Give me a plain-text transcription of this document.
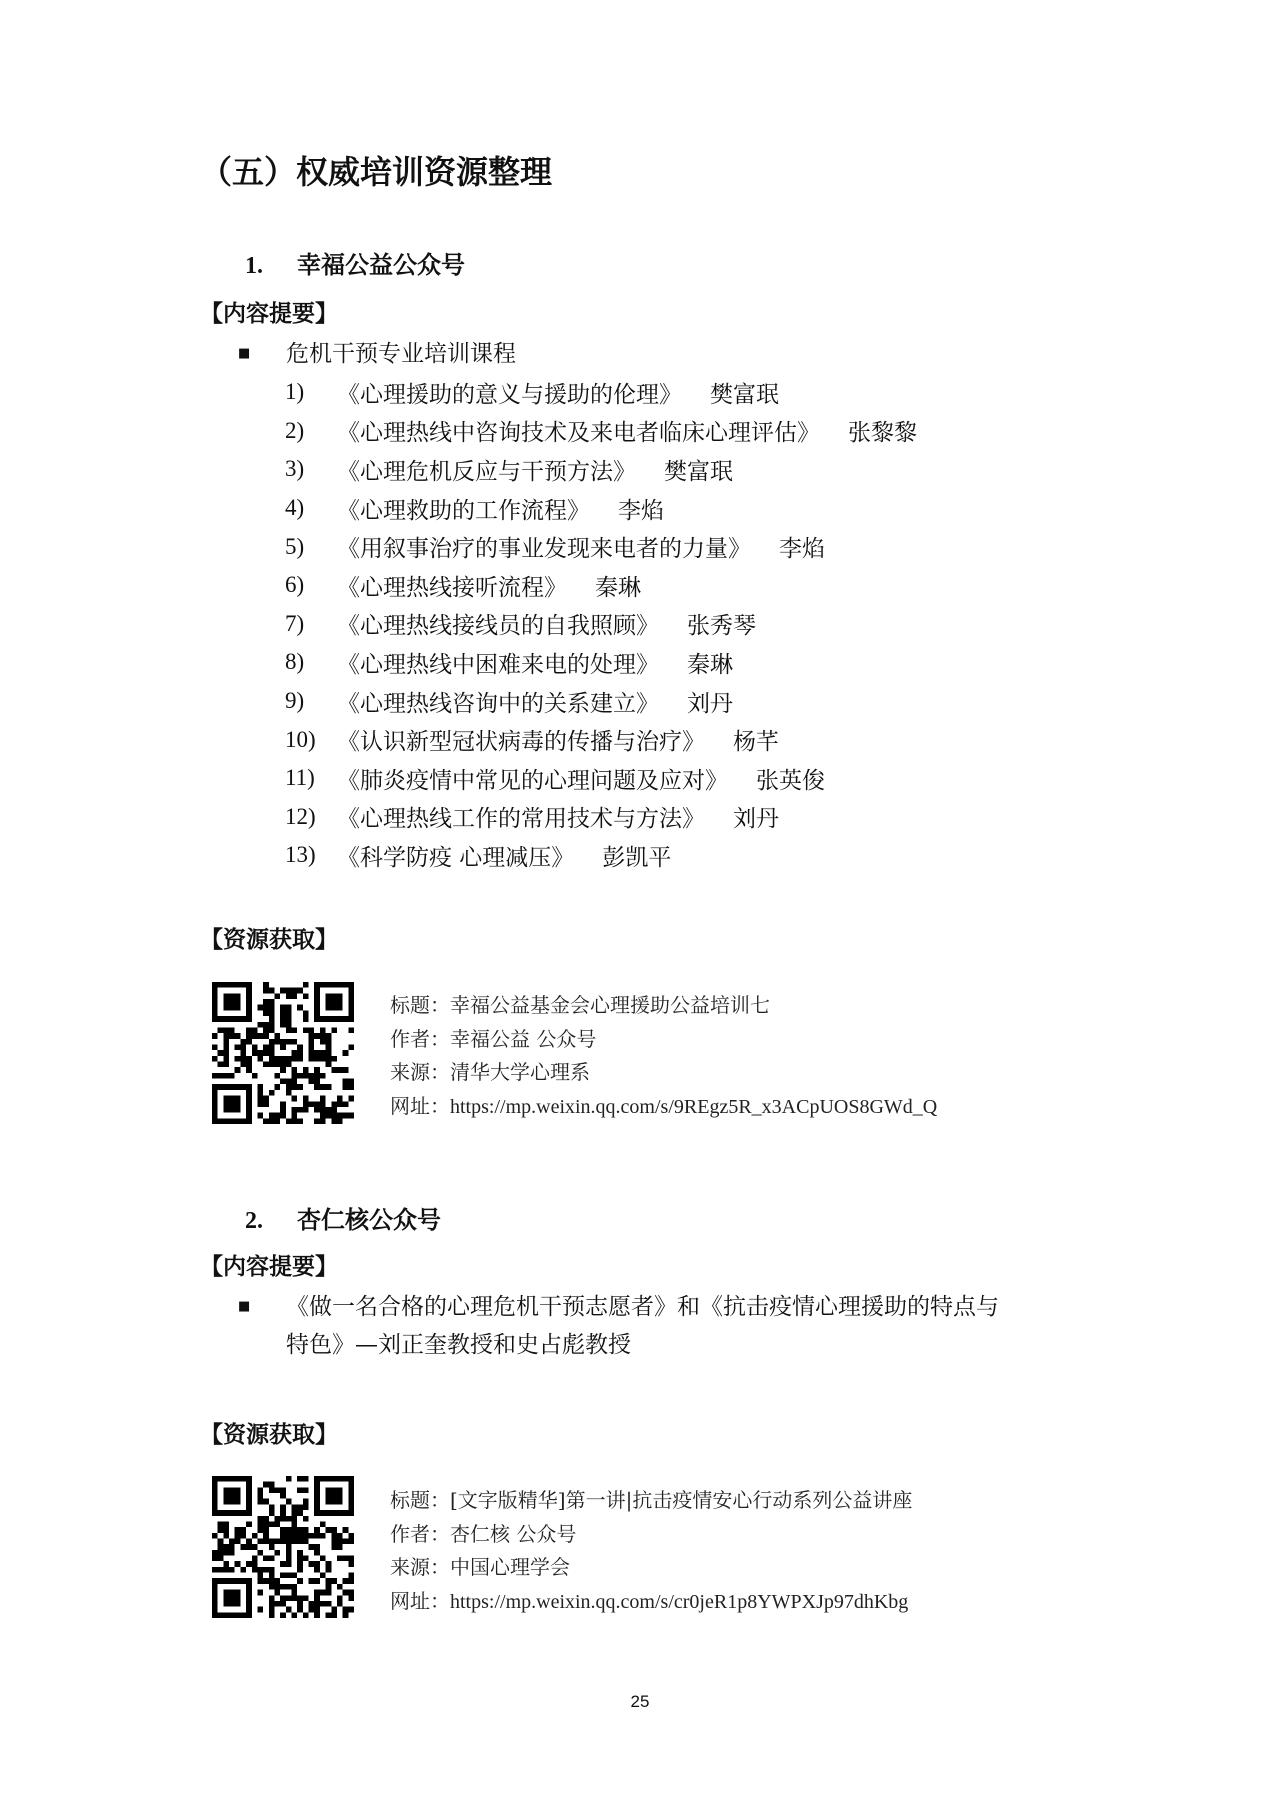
（五）权威培训资源整理
1.	幸福公益公众号
【内容提要】
■	危机干预专业培训课程
1)	《心理援助的意义与援助的伦理》 樊富珉
2)	《心理热线中咨询技术及来电者临床心理评估》 张黎黎
3)	《心理危机反应与干预方法》 樊富珉
4)	《心理救助的工作流程》 李焰
5)	《用叙事治疗的事业发现来电者的力量》 李焰
6)	《心理热线接听流程》 秦琳
7)	《心理热线接线员的自我照顾》 张秀琴
8)	《心理热线中困难来电的处理》 秦琳
9)	《心理热线咨询中的关系建立》 刘丹
10) 《认识新型冠状病毒的传播与治疗》 杨芊
11) 《肺炎疫情中常见的心理问题及应对》 张英俊
12) 《心理热线工作的常用技术与方法》 刘丹
13) 《科学防疫 心理减压》 彭凯平
【资源获取】
标题：幸福公益基金会心理援助公益培训七
作者：幸福公益 公众号
来源：清华大学心理系
网址：https://mp.weixin.qq.com/s/9REgz5R_x3ACpUOS8GWd_Q
2.	杏仁核公众号
【内容提要】
■	《做一名合格的心理危机干预志愿者》和《抗击疫情心理援助的特点与
特色》—刘正奎教授和史占彪教授
【资源获取】
标题：[文字版精华]第一讲|抗击疫情安心行动系列公益讲座
作者：杏仁核 公众号
来源：中国心理学会
网址：https://mp.weixin.qq.com/s/cr0jeR1p8YWPXJp97dhKbg
25
